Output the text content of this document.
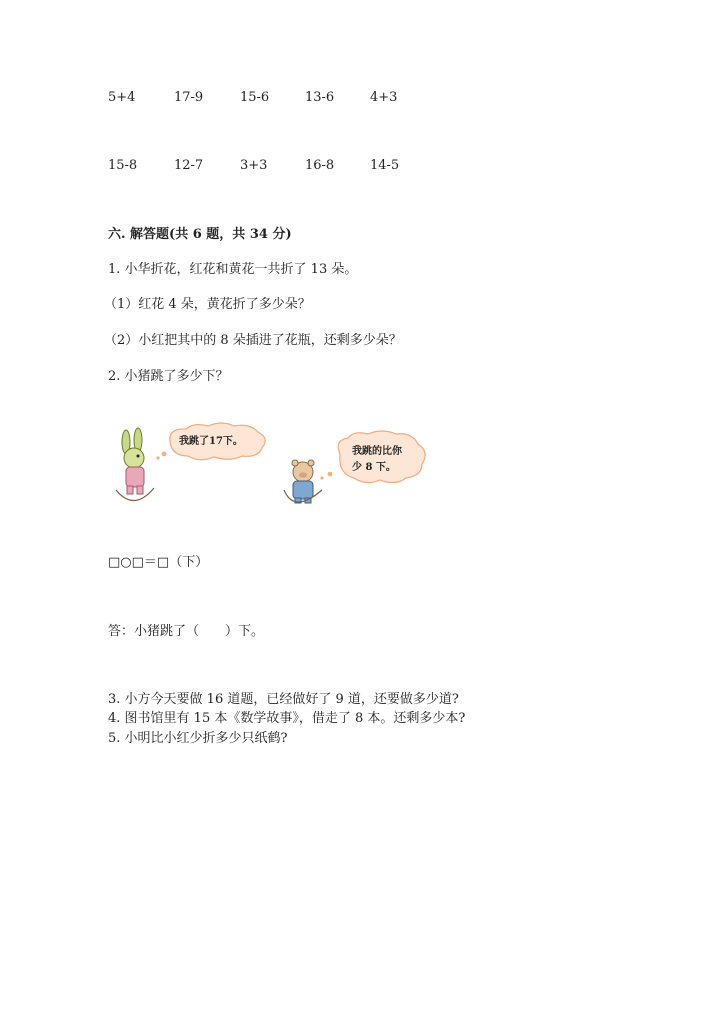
5+4	17-9	15-6	13-6	4+3
15-8	12-7	3+3	16-8	14-5
六. 解答题(共 6 题，共 34 分)
1. 小华折花，红花和黄花一共折了 13 朵。
（1）红花 4 朵，黄花折了多少朵？
（2）小红把其中的 8 朵插进了花瓶，还剩多少朵？
2. 小猪跳了多少下？
我跳了17下。
我跳的比你
少 8 下。
□○□＝□（下）
答：小猪跳了（　　）下。
3. 小方今天要做 16 道题，已经做好了 9 道，还要做多少道?
4. 图书馆里有 15 本《数学故事》，借走了 8 本。还剩多少本?
5. 小明比小红少折多少只纸鹤?
